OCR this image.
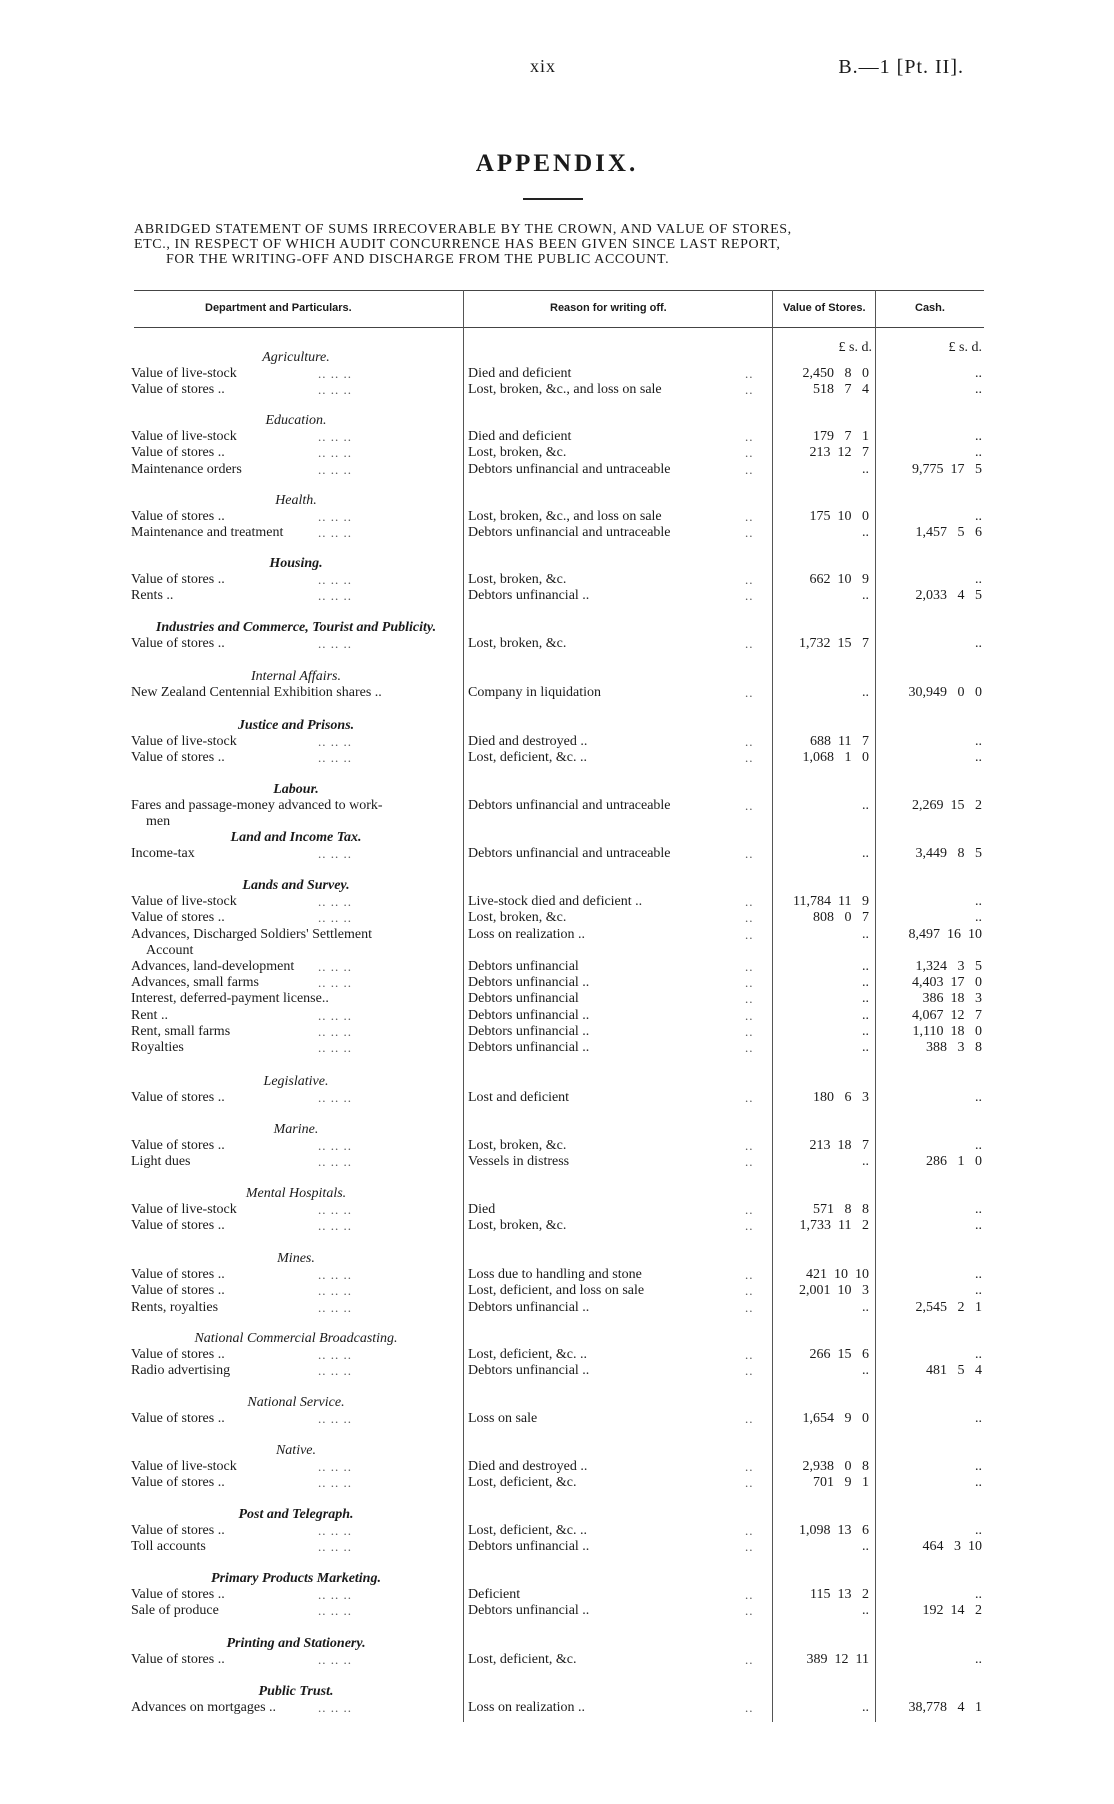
xix	B.—1 [Pt. II].
APPENDIX.
ABRIDGED STATEMENT OF SUMS IRRECOVERABLE BY THE CROWN, AND VALUE OF STORES,
ETC., IN RESPECT OF WHICH AUDIT CONCURRENCE HAS BEEN GIVEN SINCE LAST REPORT,
FOR THE WRITING-OFF AND DISCHARGE FROM THE PUBLIC ACCOUNT.
Department and Particulars.	Reason for writing off.	Value of Stores.	Cash.
£ s. d.	£ s. d.
Agriculture.
Value of live-stock	.. .. ..	Died and deficient	..	2,450   8   0	..
Value of stores ..	.. .. ..	Lost, broken, &c., and loss on sale	..	518   7   4	..
Education.
Value of live-stock	.. .. ..	Died and deficient	..	179   7   1	..
Value of stores ..	.. .. ..	Lost, broken, &c.	..	213  12   7	..
Maintenance orders	.. .. ..	Debtors unfinancial and untraceable	..	..	9,775  17   5
Health.
Value of stores ..	.. .. ..	Lost, broken, &c., and loss on sale	..	175  10   0	..
Maintenance and treatment	.. .. ..	Debtors unfinancial and untraceable	..	..	1,457   5   6
Housing.
Value of stores ..	.. .. ..	Lost, broken, &c.	..	662  10   9	..
Rents ..	.. .. ..	Debtors unfinancial ..	..	..	2,033   4   5
Industries and Commerce, Tourist and Publicity.
Value of stores ..	.. .. ..	Lost, broken, &c.	..	1,732  15   7	..
Internal Affairs.
New Zealand Centennial Exhibition shares ..	Company in liquidation	..	..	30,949   0   0
Justice and Prisons.
Value of live-stock	.. .. ..	Died and destroyed ..	..	688  11   7	..
Value of stores ..	.. .. ..	Lost, deficient, &c. ..	..	1,068   1   0	..
Labour.
Fares and passage-money advanced to work-	Debtors unfinancial and untraceable	..	..	2,269  15   2
men
Land and Income Tax.
Income-tax	.. .. ..	Debtors unfinancial and untraceable	..	..	3,449   8   5
Lands and Survey.
Value of live-stock	.. .. ..	Live-stock died and deficient ..	..	11,784  11   9	..
Value of stores ..	.. .. ..	Lost, broken, &c.	..	808   0   7	..
Advances, Discharged Soldiers' Settlement	Loss on realization ..	..	..	8,497  16  10
Account
Advances, land-development .. .. ..	Debtors unfinancial	..	..	1,324   3   5
Advances, small farms	.. .. ..	Debtors unfinancial ..	..	..	4,403  17   0
Interest, deferred-payment license..	Debtors unfinancial	..	..	386  18   3
Rent ..	.. .. ..	Debtors unfinancial ..	..	..	4,067  12   7
Rent, small farms	.. .. ..	Debtors unfinancial ..	..	..	1,110  18   0
Royalties	.. .. ..	Debtors unfinancial ..	..	..	388   3   8
Legislative.
Value of stores ..	.. .. ..	Lost and deficient	..	180   6   3	..
Marine.
Value of stores ..	.. .. ..	Lost, broken, &c.	..	213  18   7	..
Light dues	.. .. ..	Vessels in distress	..	..	286   1   0
Mental Hospitals.
Value of live-stock	.. .. ..	Died	..	571   8   8	..
Value of stores ..	.. .. ..	Lost, broken, &c.	..	1,733  11   2	..
Mines.
Value of stores ..	.. .. ..	Loss due to handling and stone	..	421  10  10	..
Value of stores ..	.. .. ..	Lost, deficient, and loss on sale	..	2,001  10   3	..
Rents, royalties	.. .. ..	Debtors unfinancial ..	..	..	2,545   2   1
National Commercial Broadcasting.
Value of stores ..	.. .. ..	Lost, deficient, &c. ..	..	266  15   6	..
Radio advertising	.. .. ..	Debtors unfinancial ..	..	..	481   5   4
National Service.
Value of stores ..	.. .. ..	Loss on sale	..	1,654   9   0	..
Native.
Value of live-stock	.. .. ..	Died and destroyed ..	..	2,938   0   8	..
Value of stores ..	.. .. ..	Lost, deficient, &c.	..	701   9   1	..
Post and Telegraph.
Value of stores ..	.. .. ..	Lost, deficient, &c. ..	..	1,098  13   6	..
Toll accounts	.. .. ..	Debtors unfinancial ..	..	..	464   3  10
Primary Products Marketing.
Value of stores ..	.. .. ..	Deficient	..	115  13   2	..
Sale of produce	.. .. ..	Debtors unfinancial ..	..	..	192  14   2
Printing and Stationery.
Value of stores ..	.. .. ..	Lost, deficient, &c.	..	389  12  11	..
Public Trust.
Advances on mortgages ..	.. .. ..	Loss on realization ..	..	..	38,778   4   1
